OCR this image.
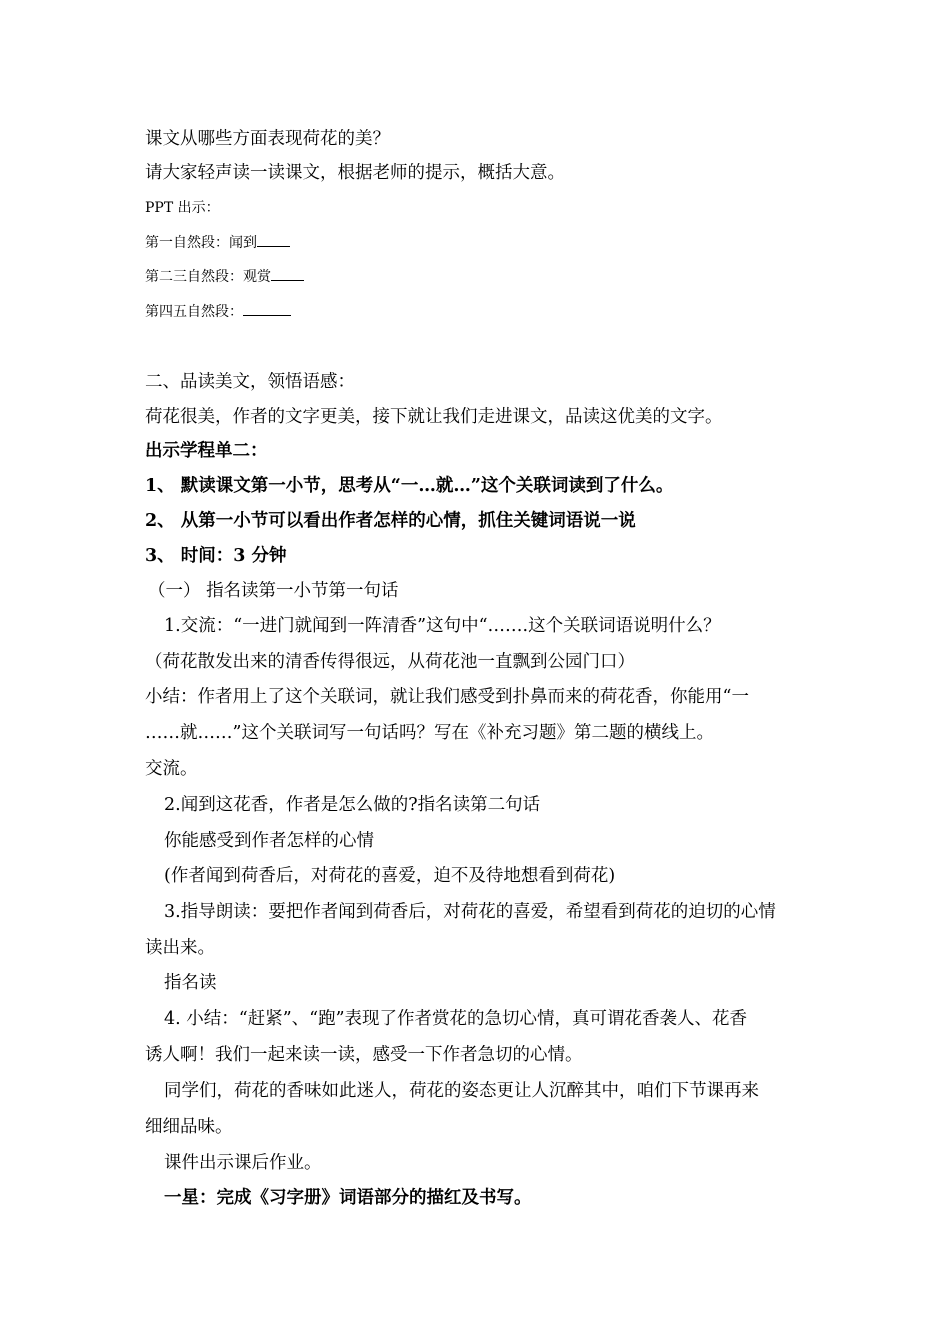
课文从哪些方面表现荷花的美？
请大家轻声读一读课文，根据老师的提示，概括大意。
PPT 出示：
第一自然段：闻到
第二三自然段：观赏
第四五自然段：
二、品读美文，领悟语感：
荷花很美，作者的文字更美，接下就让我们走进课文，品读这优美的文字。
出示学程单二：
1、 默读课文第一小节，思考从“一…就…”这个关联词读到了什么。
2、 从第一小节可以看出作者怎样的心情，抓住关键词语说一说
3、 时间：3 分钟
（一） 指名读第一小节第一句话
1.交流：“一进门就闻到一阵清香”这句中“…….这个关联词语说明什么？
（荷花散发出来的清香传得很远，从荷花池一直飘到公园门口）
小结：作者用上了这个关联词，就让我们感受到扑鼻而来的荷花香，你能用“一
……就……”这个关联词写一句话吗？写在《补充习题》第二题的横线上。
交流。
2.闻到这花香，作者是怎么做的?指名读第二句话
你能感受到作者怎样的心情
(作者闻到荷香后，对荷花的喜爱，迫不及待地想看到荷花)
3.指导朗读：要把作者闻到荷香后，对荷花的喜爱，希望看到荷花的迫切的心情
读出来。
指名读
4. 小结：“赶紧”、“跑”表现了作者赏花的急切心情，真可谓花香袭人、花香
诱人啊！我们一起来读一读，感受一下作者急切的心情。
同学们，荷花的香味如此迷人，荷花的姿态更让人沉醉其中，咱们下节课再来
细细品味。
课件出示课后作业。
一星：完成《习字册》词语部分的描红及书写。
